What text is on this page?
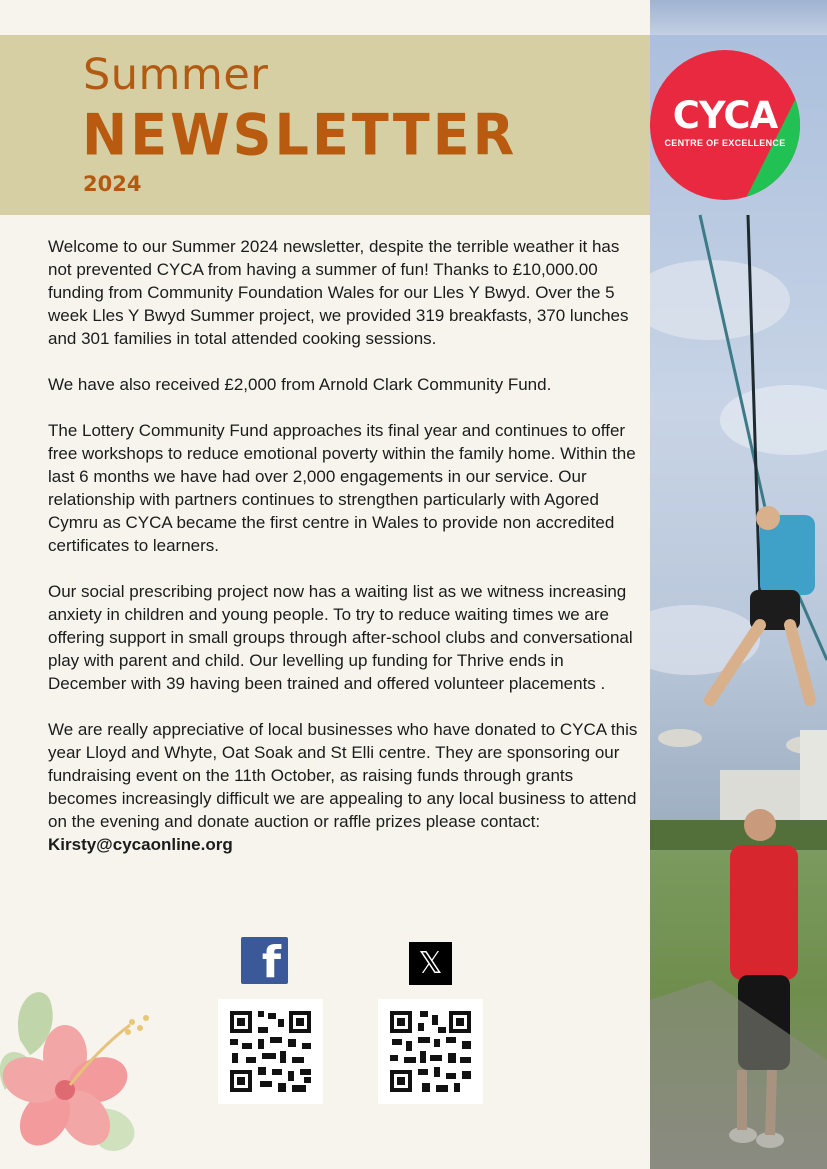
Summer
NEWSLETTER
2024
CYCA
CENTRE OF EXCELLENCE

Welcome to our Summer 2024 newsletter, despite the terrible weather it has not prevented CYCA from having a summer of fun! Thanks to £10,000.00 funding from Community Foundation Wales for our Lles Y Bwyd. Over the 5 week Lles Y Bwyd Summer project, we provided 319 breakfasts, 370 lunches and 301 families in total attended cooking sessions.

We have also received £2,000 from Arnold Clark Community Fund.

The Lottery Community Fund approaches its final year and continues to offer free workshops to reduce emotional poverty within the family home. Within the last 6 months we have had over 2,000 engagements in our service. Our relationship with partners continues to strengthen particularly with Agored Cymru as CYCA became the first centre in Wales to provide non accredited certificates to learners.

Our social prescribing project now has a waiting list as we witness increasing anxiety in children and young people. To try to reduce waiting times we are offering support in small groups through after-school clubs and conversational play with parent and child. Our levelling up funding for Thrive ends in December with 39 having been trained and offered volunteer placements .

We are really appreciative of local businesses who have donated to CYCA this year Lloyd and Whyte, Oat Soak and St Elli centre. They are sponsoring our fundraising event on the 11th October, as raising funds through grants becomes increasingly difficult we are appealing to any local business to attend on the evening and donate auction or raffle prizes please contact: Kirsty@cycaonline.org

f	𝕏
